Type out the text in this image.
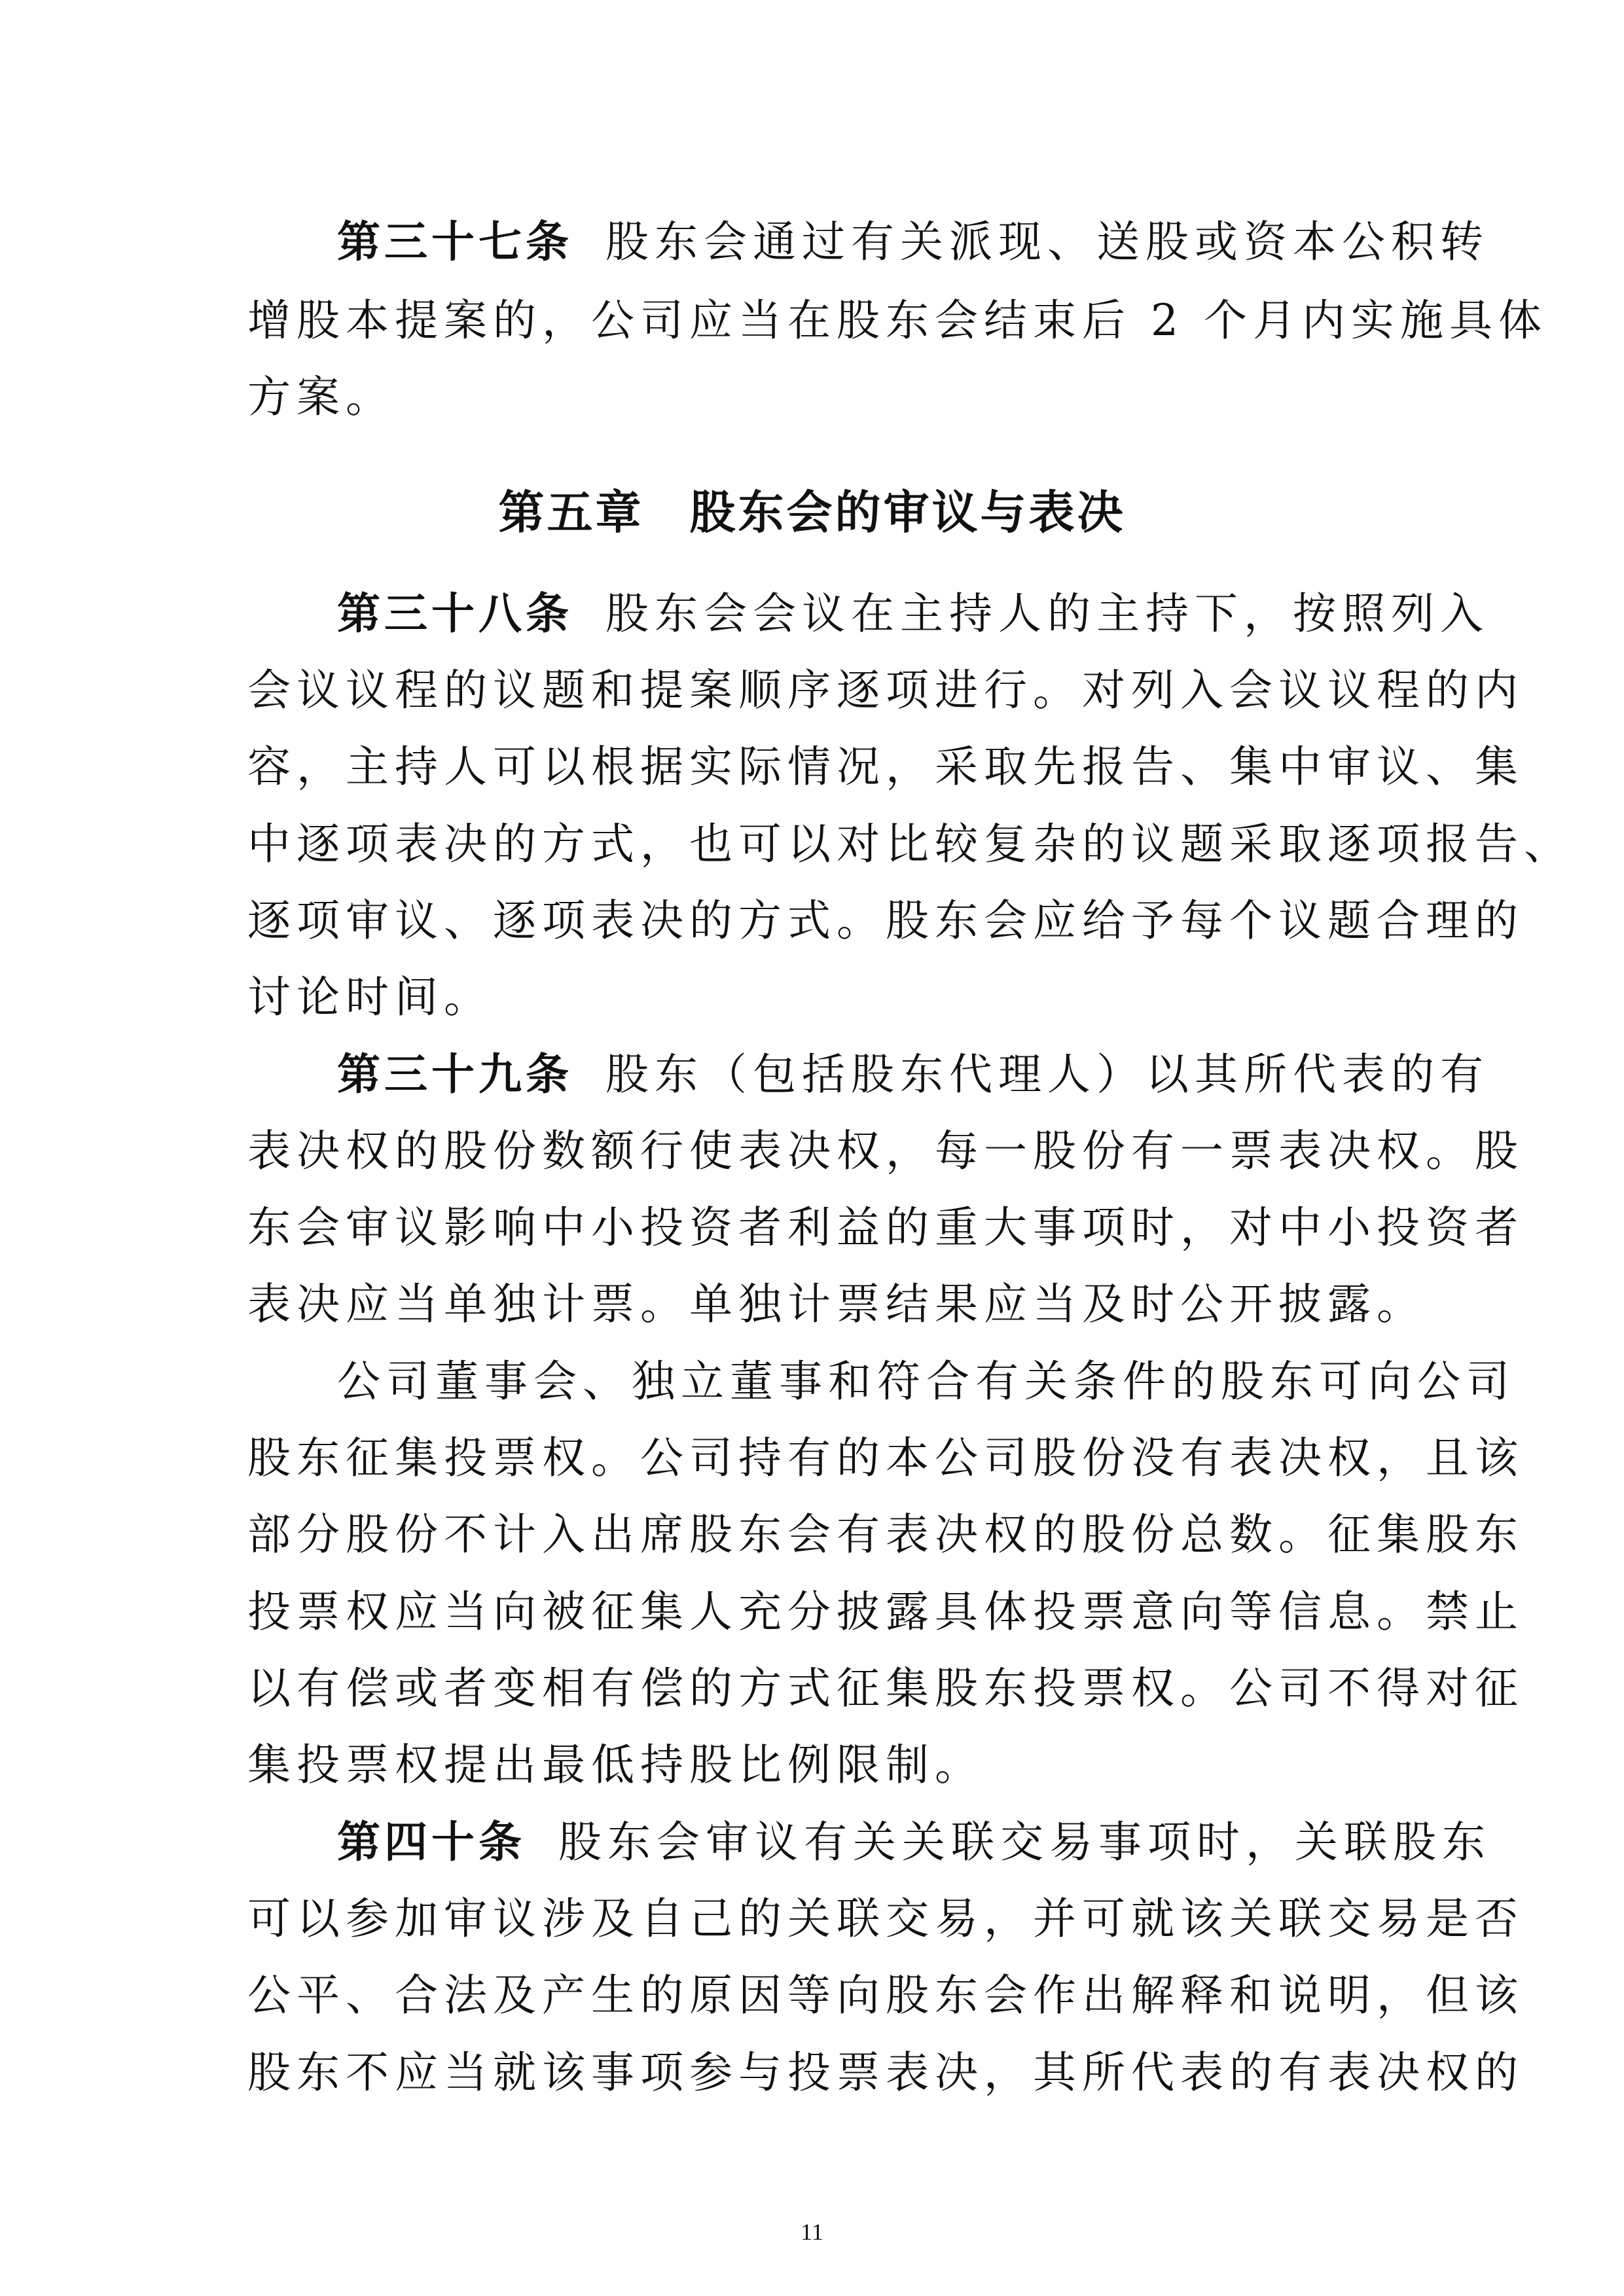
第三十七条 股东会通过有关派现、送股或资本公积转
增股本提案的，公司应当在股东会结束后 2 个月内实施具体
方案。
第五章 股东会的审议与表决
第三十八条 股东会会议在主持人的主持下，按照列入
会议议程的议题和提案顺序逐项进行。对列入会议议程的内
容，主持人可以根据实际情况，采取先报告、集中审议、集
中逐项表决的方式，也可以对比较复杂的议题采取逐项报告、
逐项审议、逐项表决的方式。股东会应给予每个议题合理的
讨论时间。
第三十九条 股东（包括股东代理人）以其所代表的有
表决权的股份数额行使表决权，每一股份有一票表决权。股
东会审议影响中小投资者利益的重大事项时，对中小投资者
表决应当单独计票。单独计票结果应当及时公开披露。
公司董事会、独立董事和符合有关条件的股东可向公司
股东征集投票权。公司持有的本公司股份没有表决权，且该
部分股份不计入出席股东会有表决权的股份总数。征集股东
投票权应当向被征集人充分披露具体投票意向等信息。禁止
以有偿或者变相有偿的方式征集股东投票权。公司不得对征
集投票权提出最低持股比例限制。
第四十条 股东会审议有关关联交易事项时，关联股东
可以参加审议涉及自己的关联交易，并可就该关联交易是否
公平、合法及产生的原因等向股东会作出解释和说明，但该
股东不应当就该事项参与投票表决，其所代表的有表决权的
11
